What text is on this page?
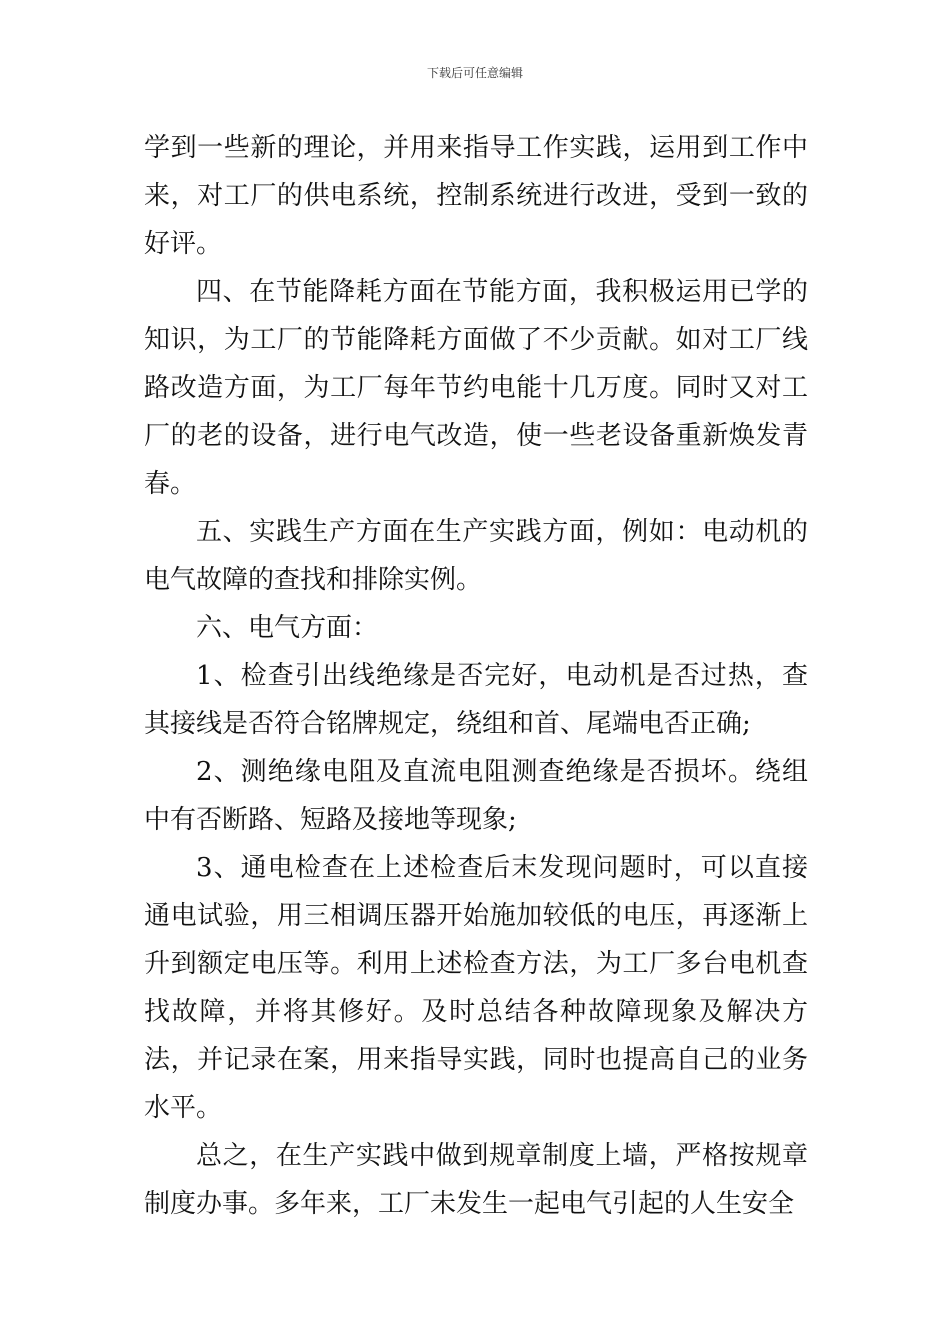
下载后可任意编辑

学到一些新的理论，并用来指导工作实践，运用到工作中来，对工厂的供电系统，控制系统进行改进，受到一致的好评。

四、在节能降耗方面在节能方面，我积极运用已学的知识，为工厂的节能降耗方面做了不少贡献。如对工厂线路改造方面，为工厂每年节约电能十几万度。同时又对工厂的老的设备，进行电气改造，使一些老设备重新焕发青春。

五、实践生产方面在生产实践方面，例如：电动机的电气故障的查找和排除实例。

六、电气方面：

1、检查引出线绝缘是否完好，电动机是否过热，查其接线是否符合铭牌规定，绕组和首、尾端电否正确;

2、测绝缘电阻及直流电阻测查绝缘是否损坏。绕组中有否断路、短路及接地等现象;

3、通电检查在上述检查后末发现问题时，可以直接通电试验，用三相调压器开始施加较低的电压，再逐渐上升到额定电压等。利用上述检查方法，为工厂多台电机查找故障，并将其修好。及时总结各种故障现象及解决方法，并记录在案，用来指导实践，同时也提高自己的业务水平。

总之，在生产实践中做到规章制度上墙，严格按规章制度办事。多年来，工厂未发生一起电气引起的人生安全
